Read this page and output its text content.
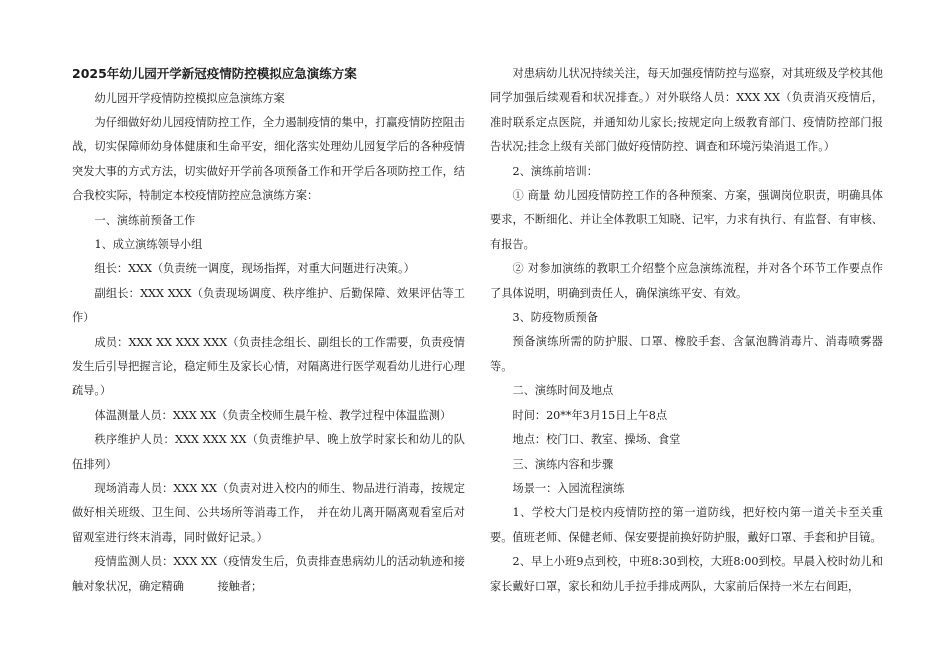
2025年幼儿园开学新冠疫情防控模拟应急演练方案

幼儿园开学疫情防控模拟应急演练方案

为仔细做好幼儿园疫情防控工作，全力遏制疫情的集中，打赢疫情防控阻击战，切实保障师幼身体健康和生命平安，细化落实处理幼儿园复学后的各种疫情突发大事的方式方法，切实做好开学前各项预备工作和开学后各项防控工作，结合我校实际，特制定本校疫情防控应急演练方案：

一、演练前预备工作

1、成立演练领导小组

组长：XXX（负责统一调度，现场指挥，对重大问题进行决策。）

副组长：XXX XXX（负责现场调度、秩序维护、后勤保障、效果评估等工作）

成员：XXX XX XXX XXX（负责挂念组长、副组长的工作需要，负责疫情发生后引导把握言论，稳定师生及家长心情，对隔离进行医学观看幼儿进行心理疏导。）

体温测量人员：XXX XX（负责全校师生晨午检、教学过程中体温监测）

秩序维护人员：XXX XXX XX（负责维护早、晚上放学时家长和幼儿的队伍排列）

现场消毒人员：XXX XX（负责对进入校内的师生、物品进行消毒，按规定做好相关班级、卫生间、公共场所等消毒工作，　并在幼儿离开隔离观看室后对留观室进行终末消毒，同时做好记录。）

疫情监测人员：XXX XX（疫情发生后，负责排查患病幼儿的活动轨迹和接触对象状况，确定精确　　　接触者；

对患病幼儿状况持续关注，每天加强疫情防控与巡察，对其班级及学校其他同学加强后续观看和状况排查。）对外联络人员：XXX XX（负责消灭疫情后，准时联系定点医院，并通知幼儿家长;按规定向上级教育部门、疫情防控部门报告状况;挂念上级有关部门做好疫情防控、调查和环境污染消退工作。）

2、演练前培训：

① 商量 幼儿园疫情防控工作的各种预案、方案，强调岗位职责，明确具体要求，不断细化、并让全体教职工知晓、记牢，力求有执行、有监督、有审核、有报告。

② 对参加演练的教职工介绍整个应急演练流程，并对各个环节工作要点作了具体说明，明确到责任人，确保演练平安、有效。

3、防疫物质预备

预备演练所需的防护服、口罩、橡胶手套、含氯泡腾消毒片、消毒喷雾器等。

二、演练时间及地点

时间：20**年3月15日上午8点

地点：校门口、教室、操场、食堂

三、演练内容和步骤

场景一：入园流程演练

1、学校大门是校内疫情防控的第一道防线，把好校内第一道关卡至关重要。值班老师、保健老师、保安要提前换好防护服，戴好口罩、手套和护目镜。

2、早上小班9点到校，中班8:30到校，大班8:00到校。早晨入校时幼儿和家长戴好口罩，家长和幼儿手拉手排成两队，大家前后保持一米左右间距，
